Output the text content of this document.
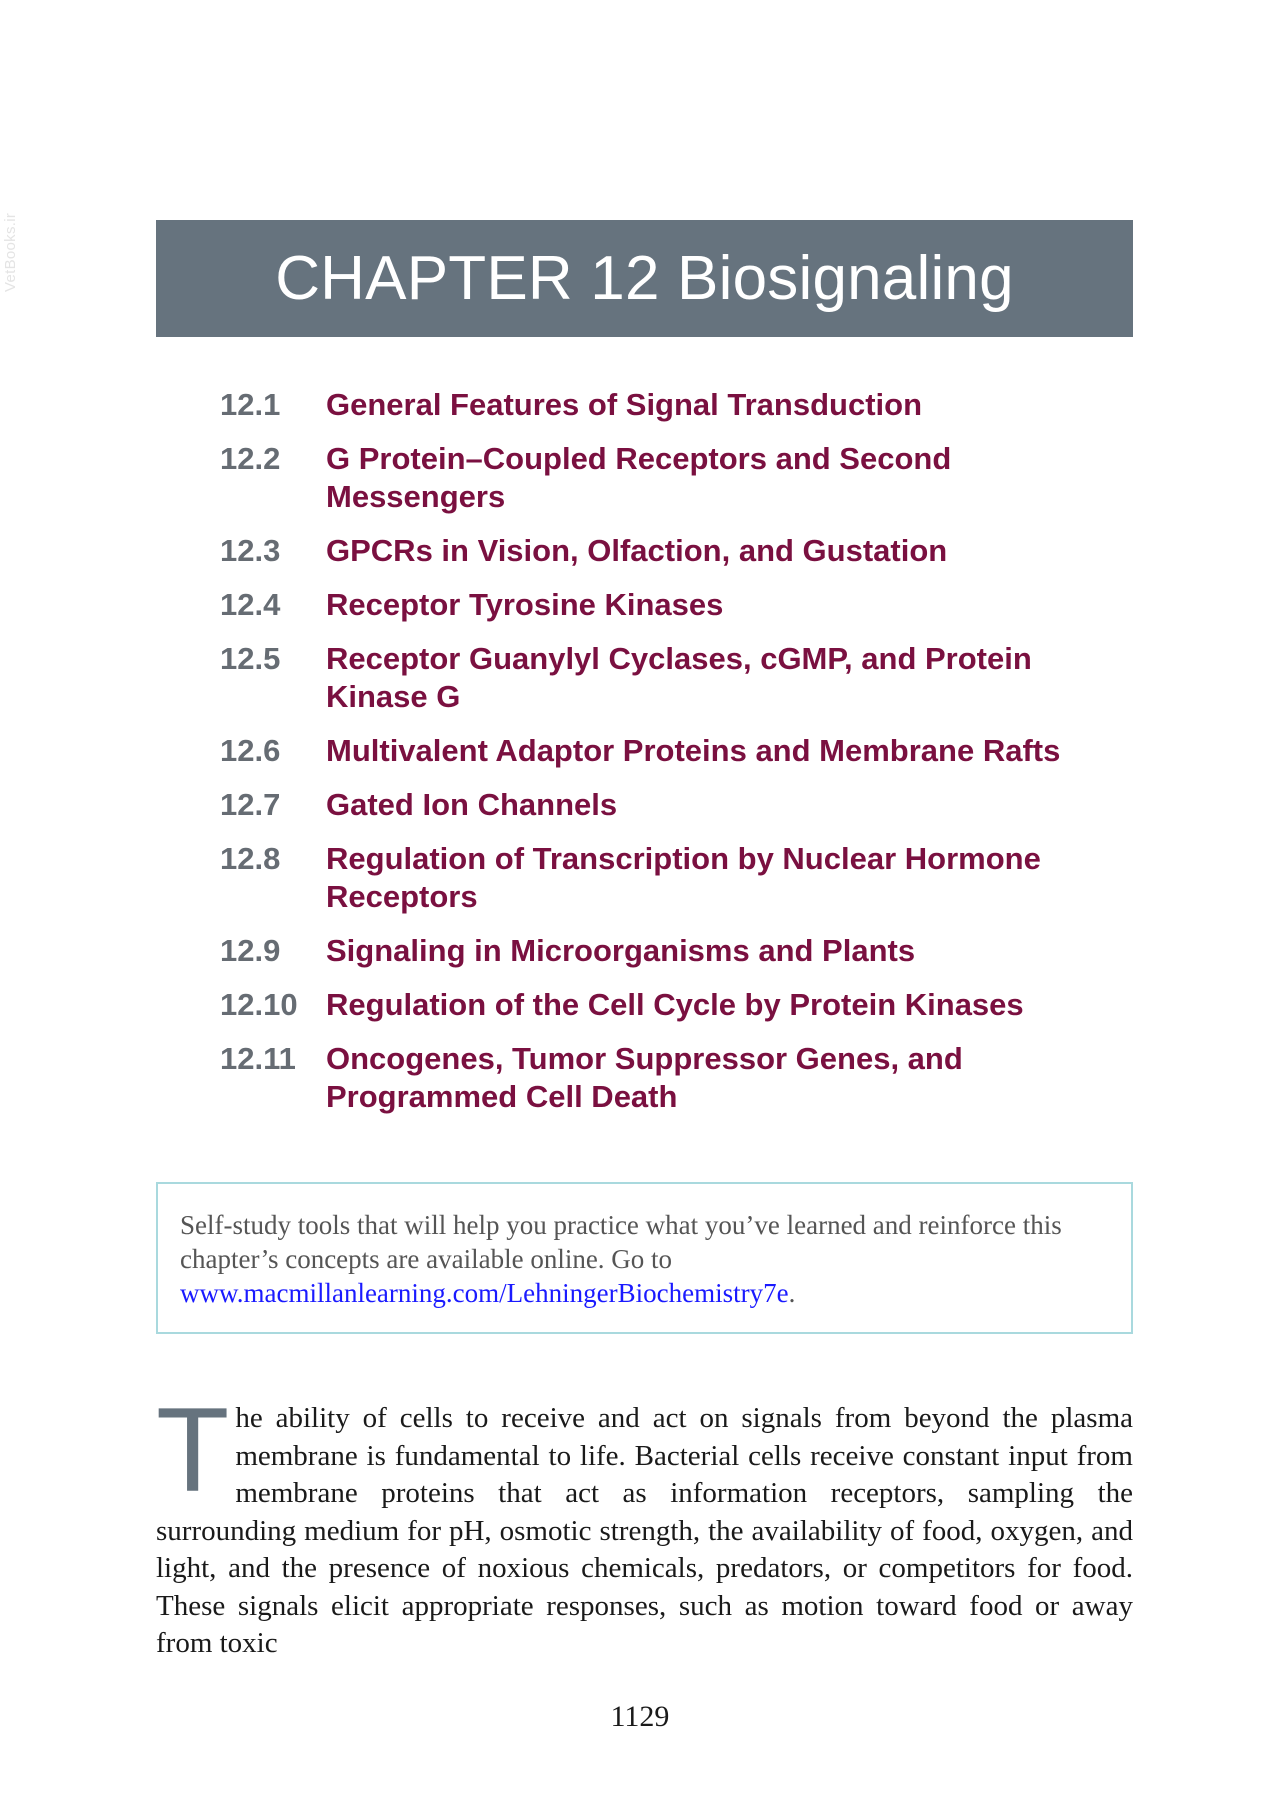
VetBooks.ir	CHAPTER 12 Biosignaling
12.1	General Features of Signal Transduction
12.2	G Protein–Coupled Receptors and Second Messengers
12.3	GPCRs in Vision, Olfaction, and Gustation
12.4	Receptor Tyrosine Kinases
12.5	Receptor Guanylyl Cyclases, cGMP, and Protein Kinase G
12.6	Multivalent Adaptor Proteins and Membrane Rafts
12.7	Gated Ion Channels
12.8	Regulation of Transcription by Nuclear Hormone Receptors
12.9	Signaling in Microorganisms and Plants
12.10 Regulation of the Cell Cycle by Protein Kinases
12.11 Oncogenes, Tumor Suppressor Genes, and Programmed Cell Death
Self-study tools that will help you practice what you’ve learned and reinforce this chapter’s concepts are available online. Go to www.macmillanlearning.com/LehningerBiochemistry7e.

The ability of cells to receive and act on signals from beyond the plasma membrane is fundamental to life. Bacterial cells receive constant input from membrane proteins that act as information receptors, sampling the surrounding medium for pH, osmotic strength, the availability of food, oxygen, and light, and the presence of noxious chemicals, predators, or competitors for food. These signals elicit appropriate responses, such as motion toward food or away from toxic

1129
